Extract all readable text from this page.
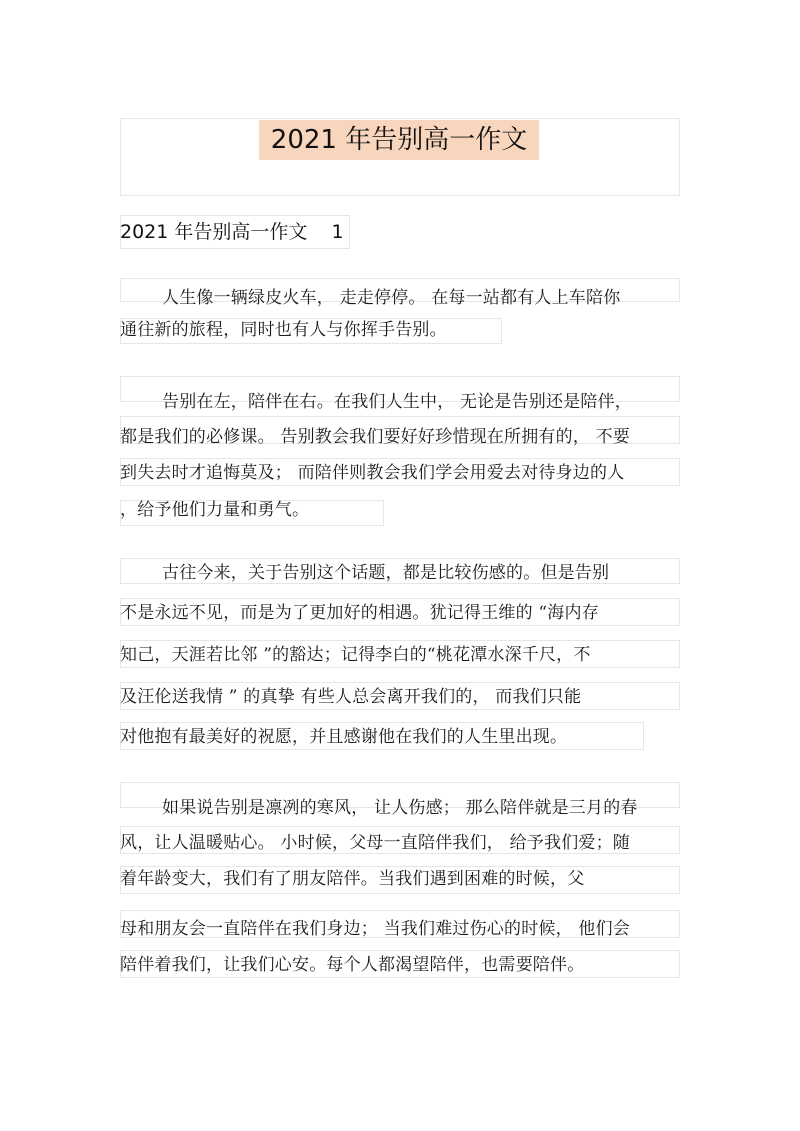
2021 年告别高一作文
2021 年告别高一作文    1
人生像一辆绿皮火车， 走走停停。 在每一站都有人上车陪你
通往新的旅程，同时也有人与你挥手告别。
告别在左，陪伴在右。在我们人生中， 无论是告别还是陪伴，
都是我们的必修课。 告别教会我们要好好珍惜现在所拥有的， 不要
到失去时才追悔莫及； 而陪伴则教会我们学会用爱去对待身边的人
，给予他们力量和勇气。
古往今来，关于告别这个话题，都是比较伤感的。但是告别
不是永远不见，而是为了更加好的相遇。犹记得王维的 “海内存
知己，天涯若比邻 ”的豁达；记得李白的“桃花潭水深千尺，不
及汪伦送我情 ” 的真挚 有些人总会离开我们的， 而我们只能
对他抱有最美好的祝愿，并且感谢他在我们的人生里出现。
如果说告别是凛冽的寒风， 让人伤感； 那么陪伴就是三月的春
风，让人温暖贴心。 小时候，父母一直陪伴我们， 给予我们爱；随
着年龄变大，我们有了朋友陪伴。当我们遇到困难的时候，父
母和朋友会一直陪伴在我们身边； 当我们难过伤心的时候， 他们会
陪伴着我们，让我们心安。每个人都渴望陪伴，也需要陪伴。
